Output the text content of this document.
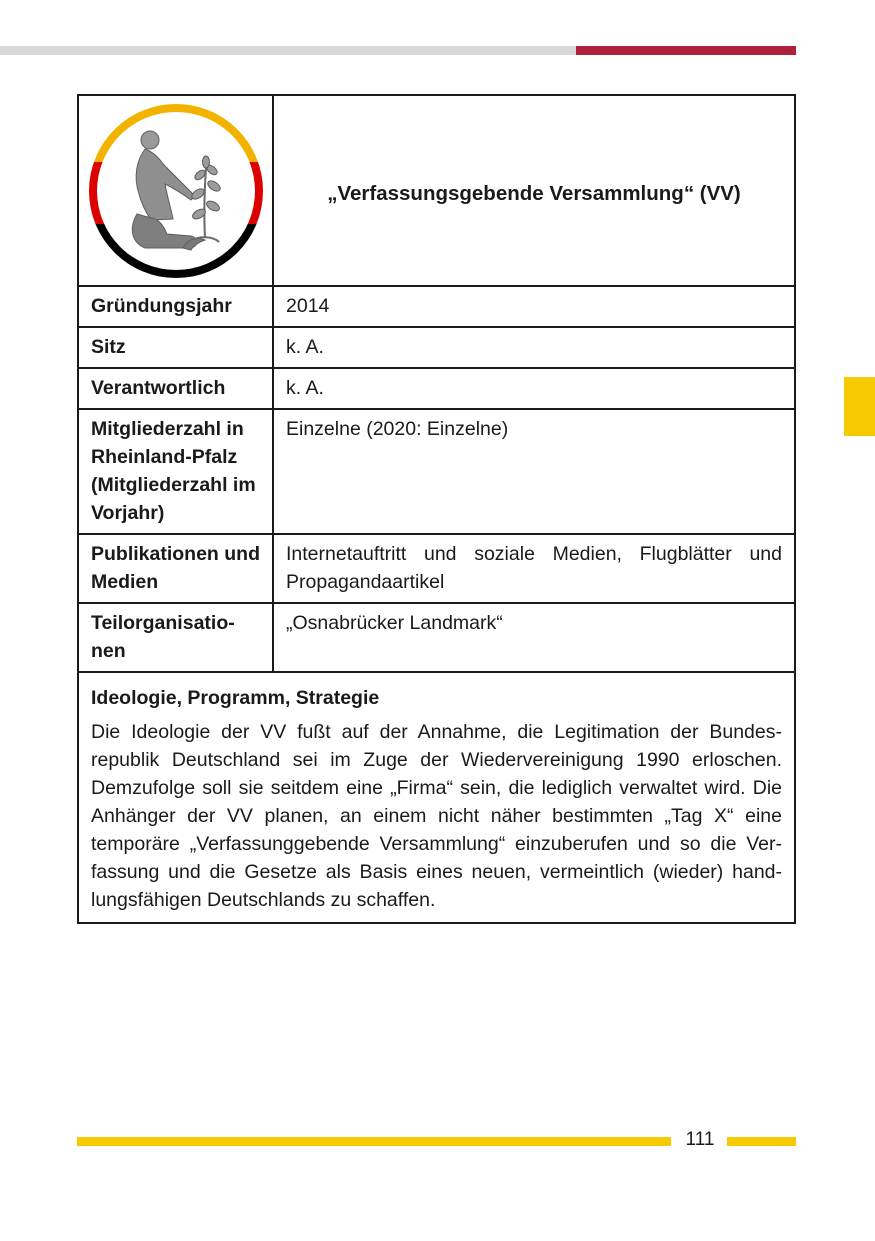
	„Verfassungsgebende Versammlung“ (VV)
Gründungsjahr	2014
Sitz	k. A.
Verantwortlich	k. A.
Mitgliederzahl in Rheinland-Pfalz (Mitgliederzahl im Vorjahr)	Einzelne (2020: Einzelne)
Publikationen und Medien	Internetauftritt und soziale Medien, Flugblätter und Propagandaartikel
Teilorganisatio-nen	„Osnabrücker Landmark“

Ideologie, Programm, Strategie
Die Ideologie der VV fußt auf der Annahme, die Legitimation der Bundes-republik Deutschland sei im Zuge der Wiedervereinigung 1990 erloschen. Demzufolge soll sie seitdem eine „Firma“ sein, die lediglich verwaltet wird. Die Anhänger der VV planen, an einem nicht näher bestimmten „Tag X“ eine temporäre „Verfassunggebende Versammlung“ einzuberufen und so die Ver-fassung und die Gesetze als Basis eines neuen, vermeintlich (wieder) hand-lungsfähigen Deutschlands zu schaffen.	
111
